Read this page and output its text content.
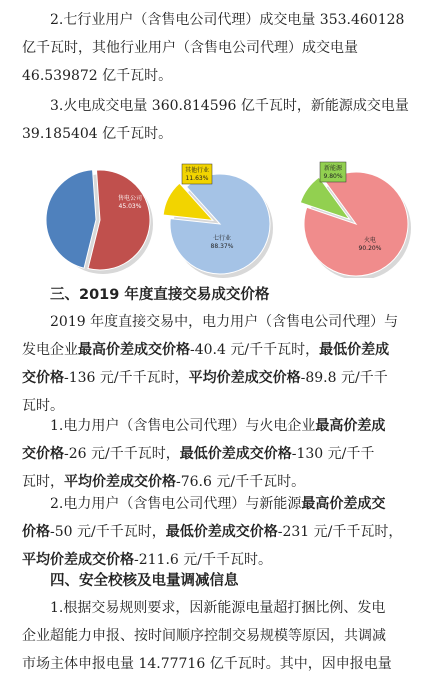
2.七行业用户（含售电公司代理）成交电量 353.460128
亿千瓦时，其他行业用户（含售电公司代理）成交电量
46.539872 亿千瓦时。

3.火电成交电量 360.814596 亿千瓦时，新能源成交电量
39.185404 亿千瓦时。

售电公司
45.03%
七行业
88.37%
其他行业
11.63%
火电
90.20%
新能源
9.80%
三、2019 年度直接交易成交价格

2019 年度直接交易中，电力用户（含售电公司代理）与
发电企业最高价差成交价格-40.4 元/千千瓦时，最低价差成
交价格-136 元/千千瓦时，平均价差成交价格-89.8 元/千千
瓦时。

1.电力用户（含售电公司代理）与火电企业最高价差成
交价格-26 元/千千瓦时，最低价差成交价格-130 元/千千
瓦时，平均价差成交价格-76.6 元/千千瓦时。

2.电力用户（含售电公司代理）与新能源最高价差成交
价格-50 元/千千瓦时，最低价差成交价格-231 元/千千瓦时，
平均价差成交价格-211.6 元/千千瓦时。

四、安全校核及电量调减信息

1.根据交易规则要求，因新能源电量超打捆比例、发电
企业超能力申报、按时间顺序控制交易规模等原因，共调减
市场主体申报电量 14.77716 亿千瓦时。其中，因申报电量
